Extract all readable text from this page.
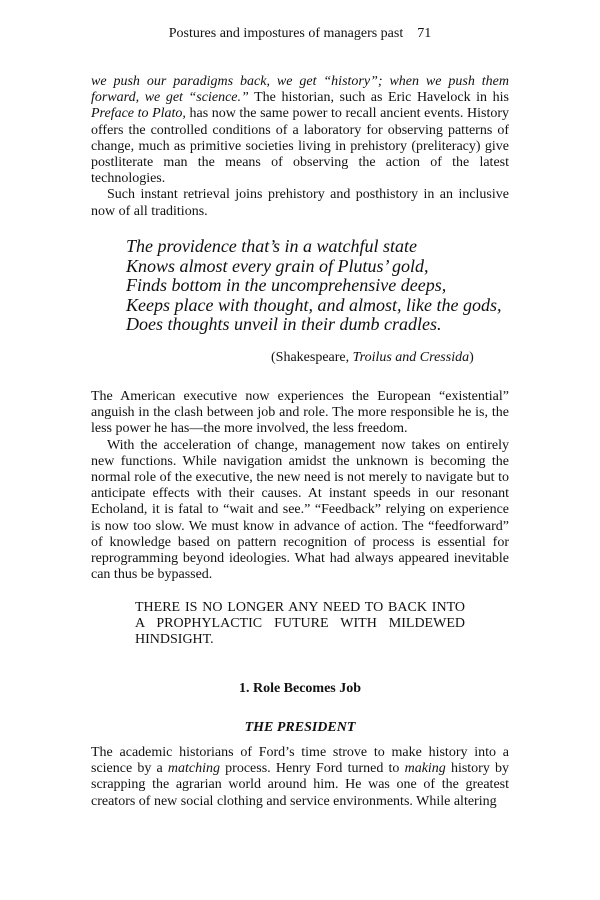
Postures and impostures of managers past 71

we push our paradigms back, we get “history”; when we push them forward, we get “science.” The historian, such as Eric Havelock in his Preface to Plato, has now the same power to recall ancient events. History offers the controlled conditions of a laboratory for observing patterns of change, much as primitive societies living in prehistory (preliteracy) give postliterate man the means of observing the action of the latest technologies.

Such instant retrieval joins prehistory and posthistory in an inclusive now of all traditions.

The providence that’s in a watchful state
Knows almost every grain of Plutus’ gold,
Finds bottom in the uncomprehensive deeps,
Keeps place with thought, and almost, like the gods,
Does thoughts unveil in their dumb cradles.
(Shakespeare, Troilus and Cressida)

The American executive now experiences the European “existential” anguish in the clash between job and role. The more responsible he is, the less power he has—the more involved, the less freedom.

With the acceleration of change, management now takes on entirely new functions. While navigation amidst the unknown is becoming the normal role of the executive, the new need is not merely to navigate but to anticipate effects with their causes. At instant speeds in our resonant Echoland, it is fatal to “wait and see.” “Feedback” relying on experience is now too slow. We must know in advance of action. The “feedforward” of knowledge based on pattern recognition of process is essential for reprogramming beyond ideologies. What had always appeared inevitable can thus be bypassed.

THERE IS NO LONGER ANY NEED TO BACK INTO A PROPHYLACTIC FUTURE WITH MILDEWED HINDSIGHT.
1. Role Becomes Job
THE PRESIDENT

The academic historians of Ford’s time strove to make history into a science by a matching process. Henry Ford turned to making history by scrapping the agrarian world around him. He was one of the greatest creators of new social clothing and service environments. While altering
